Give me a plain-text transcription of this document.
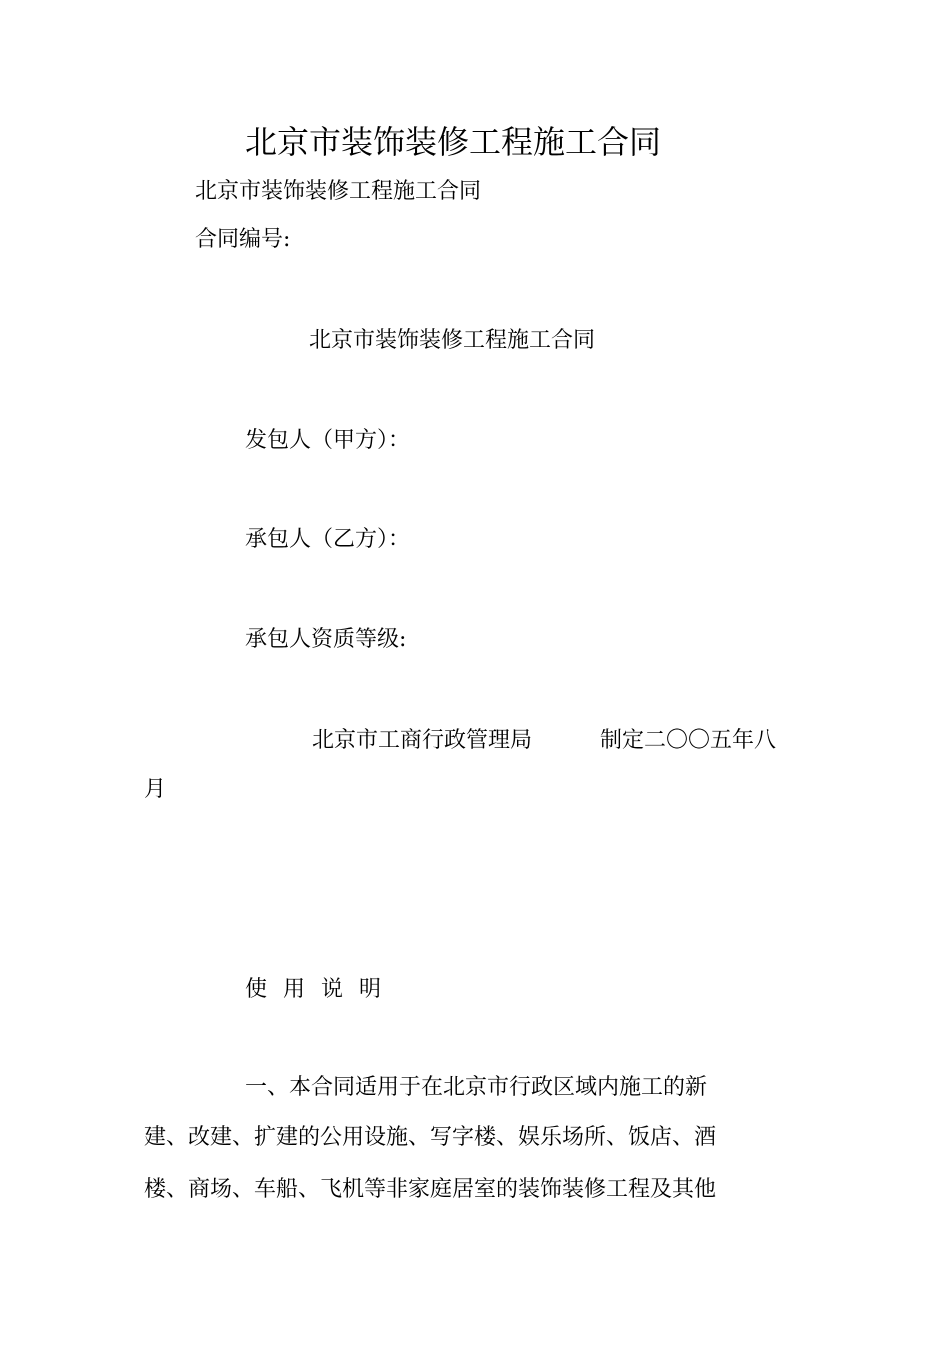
北京市装饰装修工程施工合同
北京市装饰装修工程施工合同
合同编号:
北京市装饰装修工程施工合同
发包人（甲方）：
承包人（乙方）：
承包人资质等级:
北京市工商行政管理局	制定二〇〇五年八
月
使用说明
一、本合同适用于在北京市行政区域内施工的新
建、改建、扩建的公用设施、写字楼、娱乐场所、饭店、酒
楼、商场、车船、飞机等非家庭居室的装饰装修工程及其他
